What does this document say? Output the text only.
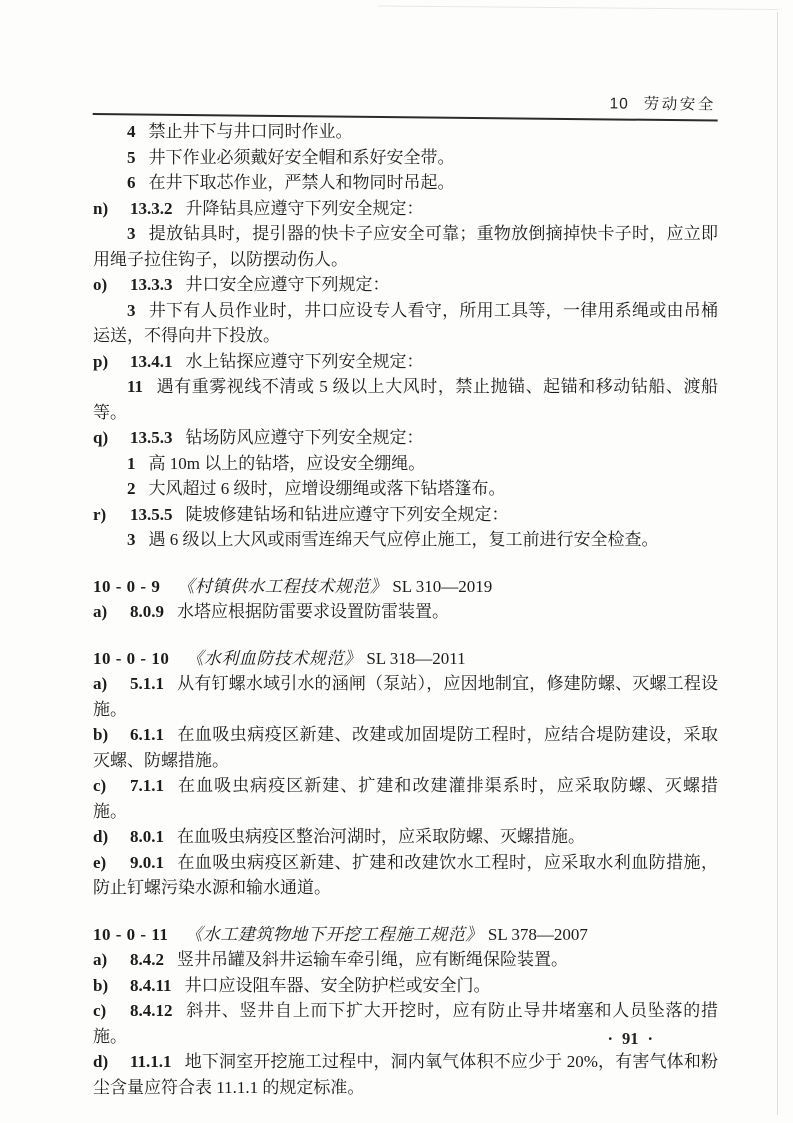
10 劳动安全

4 禁止井下与井口同时作业。

5 井下作业必须戴好安全帽和系好安全带。

6 在井下取芯作业，严禁人和物同时吊起。

n) 13.3.2 升降钻具应遵守下列安全规定：

3 提放钻具时，提引器的快卡子应安全可靠；重物放倒摘掉快卡子时，应立即用绳子拉住钩子，以防摆动伤人。

o) 13.3.3 井口安全应遵守下列规定：

3 井下有人员作业时，井口应设专人看守，所用工具等，一律用系绳或由吊桶运送，不得向井下投放。

p) 13.4.1 水上钻探应遵守下列安全规定：

11 遇有重雾视线不清或 5 级以上大风时，禁止抛锚、起锚和移动钻船、渡船等。

q) 13.5.3 钻场防风应遵守下列安全规定：

1 高 10m 以上的钻塔，应设安全绷绳。

2 大风超过 6 级时，应增设绷绳或落下钻塔篷布。

r) 13.5.5 陡坡修建钻场和钻进应遵守下列安全规定：

3 遇 6 级以上大风或雨雪连绵天气应停止施工，复工前进行安全检查。

10 - 0 - 9 《村镇供水工程技术规范》 SL 310—2019

a) 8.0.9 水塔应根据防雷要求设置防雷装置。

10 - 0 - 10 《水利血防技术规范》 SL 318—2011

a) 5.1.1 从有钉螺水域引水的涵闸（泵站），应因地制宜，修建防螺、灭螺工程设施。

b) 6.1.1 在血吸虫病疫区新建、改建或加固堤防工程时，应结合堤防建设，采取灭螺、防螺措施。

c) 7.1.1 在血吸虫病疫区新建、扩建和改建灌排渠系时，应采取防螺、灭螺措施。

d) 8.0.1 在血吸虫病疫区整治河湖时，应采取防螺、灭螺措施。

e) 9.0.1 在血吸虫病疫区新建、扩建和改建饮水工程时，应采取水利血防措施，防止钉螺污染水源和输水通道。

10 - 0 - 11 《水工建筑物地下开挖工程施工规范》 SL 378—2007

a) 8.4.2 竖井吊罐及斜井运输车牵引绳，应有断绳保险装置。

b) 8.4.11 井口应设阻车器、安全防护栏或安全门。

c) 8.4.12 斜井、竖井自上而下扩大开挖时，应有防止导井堵塞和人员坠落的措施。

d) 11.1.1 地下洞室开挖施工过程中，洞内氧气体积不应少于 20%，有害气体和粉尘含量应符合表 11.1.1 的规定标准。

· 91 ·
